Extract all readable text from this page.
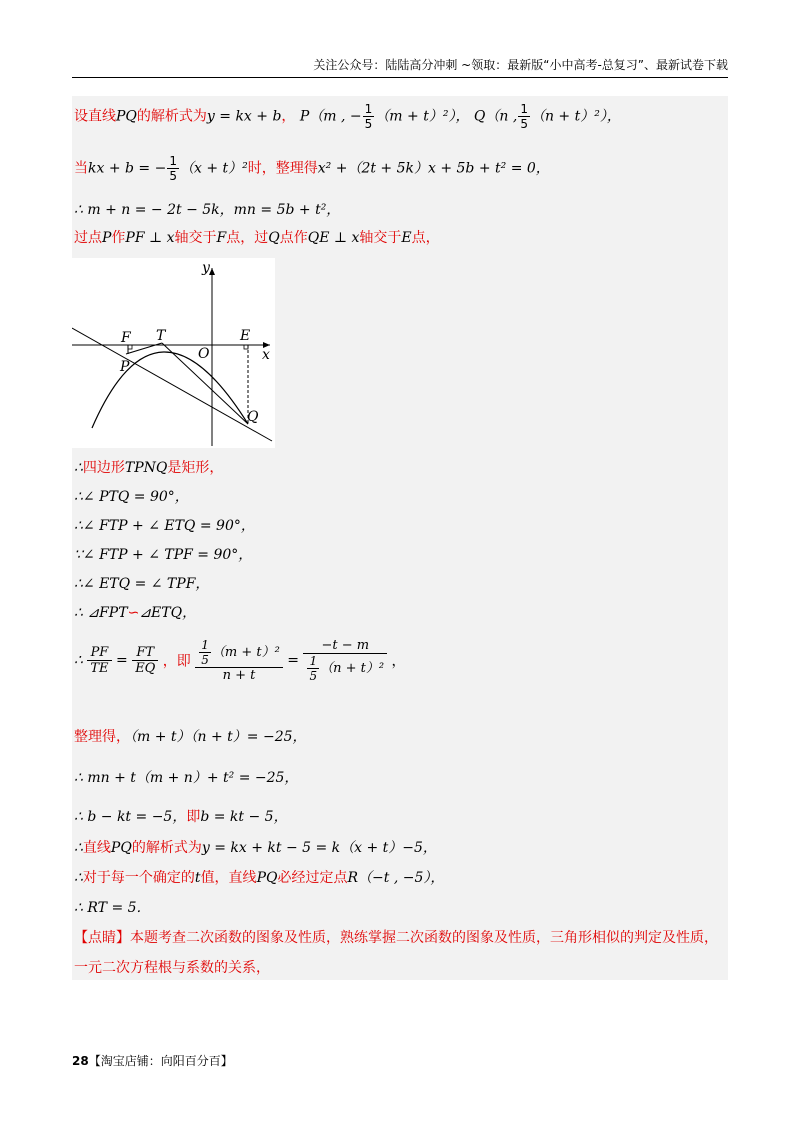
关注公众号：陆陆高分冲刺 ~领取：最新版“小中高考-总复习”、最新试卷下载
设直线PQ的解析式为y = kx + b， P（m , − $\frac{1}{5} (m + t)^2$）， Q（n , $\frac{1}{5} (n + t)^2$），
当kx + b = − $\frac{1}{5} (x + t)^2$时，整理得x² +（2t + 5k）x + 5b + t² = 0，
∴ m + n = − 2t − 5k，mn = 5b + t²，
过点P作PF ⊥ x轴交于F点，过Q点作QE ⊥ x轴交于E点，
y
x
O
F T	E
P
Q
∴四边形TPNQ是矩形，
∴∠ PTQ = 90°，
∴∠ FTP + ∠ ETQ = 90°，
∵∠ FTP + ∠ TPF = 90°，
∴∠ ETQ = ∠ TPF，
∴ ⊿FPT∽⊿ETQ，
∴ $\frac{PF}{TE} = \frac{FT}{EQ}$ ，即 $\frac{\frac{1}{5} (m + t)^2}{n + t} = \frac{-t - m}{\frac{1}{5} (n + t)^2}$ ，
整理得，（m + t）（n + t）= −25，
∴ mn + t（m + n）+ t² = −25，
∴ b − kt = −5，即b = kt − 5，
∴直线PQ的解析式为y = kx + kt − 5 = k（x + t）−5，
∴对于每一个确定的t值，直线PQ必经过定点R（−t , −5），
∴ RT = 5．
【点睛】本题考查二次函数的图象及性质，熟练掌握二次函数的图象及性质，三角形相似的判定及性质，
一元二次方程根与系数的关系，
28【淘宝店铺：向阳百分百】
